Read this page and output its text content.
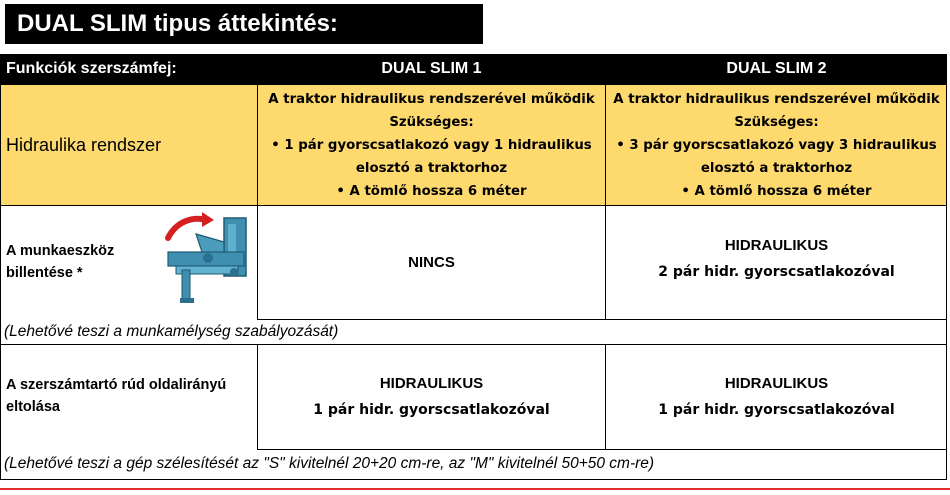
DUAL SLIM tipus áttekintés:
Funkciók szerszámfej:	DUAL SLIM 1	DUAL SLIM 2
Hidraulika rendszer
A traktor hidraulikus rendszerével működik
Szükséges:
• 1 pár gyorscsatlakozó vagy 1 hidraulikus
elosztó a traktorhoz
• A tömlő hossza 6 méter
A traktor hidraulikus rendszerével működik
Szükséges:
• 3 pár gyorscsatlakozó vagy 3 hidraulikus
elosztó a traktorhoz
• A tömlő hossza 6 méter
A munkaeszköz
billentése *
NINCS
HIDRAULIKUS
2 pár hidr. gyorscsatlakozóval
(Lehetővé teszi a munkamélység szabályozását)
A szerszámtartó rúd oldalirányú
eltolása
HIDRAULIKUS
1 pár hidr. gyorscsatlakozóval
HIDRAULIKUS
1 pár hidr. gyorscsatlakozóval
(Lehetővé teszi a gép szélesítését az "S" kivitelnél 20+20 cm-re, az "M" kivitelnél 50+50 cm-re)
